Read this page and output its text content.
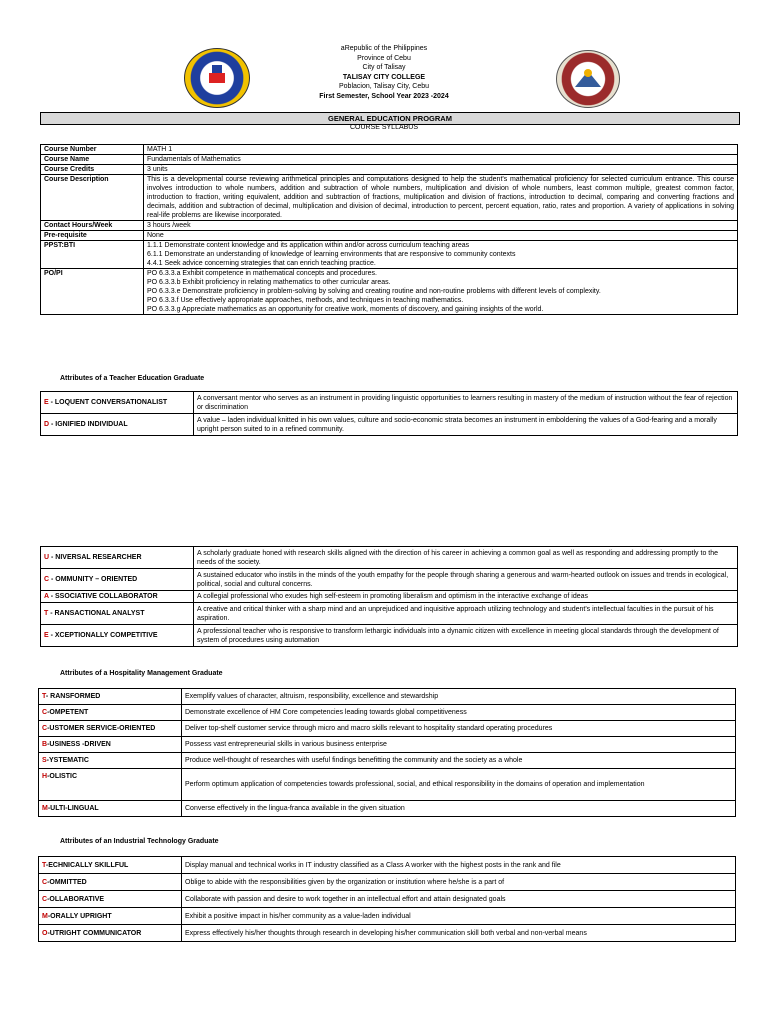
aRepublic of the Philippines
Province of Cebu
City of Talisay
TALISAY CITY COLLEGE
Poblacion, Talisay City, Cebu
First Semester, School Year 2023 -2024
GENERAL EDUCATION PROGRAM
COURSE SYLLABUS
Course Number	MATH 1
Course Name	Fundamentals of Mathematics
Course Credits	3 units
Course Description	This is a developmental course reviewing arithmetical principles and computations designed to help the student's mathematical proficiency for selected curriculum entrance. This course involves introduction to whole numbers, addition and subtraction of whole numbers, multiplication and division of whole numbers, least common multiple, greatest common factor, introduction to fraction, writing equivalent, addition and subtraction of fractions, multiplication and division of fractions, introduction to decimal, comparing and converting fractions and decimals, addition and subtraction of decimal, multiplication and division of decimal, introduction to percent, percent equation, ratio, rates and proportion. A variety of applications in solving real-life problems are likewise incorporated.
Contact Hours/Week	3 hours /week
Pre-requisite	None
PPST:BTI	1.1.1 Demonstrate content knowledge and its application within and/or across curriculum teaching areas
6.1.1 Demonstrate an understanding of knowledge of learning environments that are responsive to community contexts
4.4.1 Seek advice concerning strategies that can enrich teaching practice.

PO/PI	PO 6.3.3.a Exhibit competence in mathematical concepts and procedures.
PO 6.3.3.b Exhibit proficiency in relating mathematics to other curricular areas.
PO 6.3.3.e Demonstrate proficiency in problem-solving by solving and creating routine and non-routine problems with different levels of complexity.
PO 6.3.3.f Use effectively appropriate approaches, methods, and techniques in teaching mathematics.
PO 6.3.3.g Appreciate mathematics as an opportunity for creative work, moments of discovery, and gaining insights of the world.
Attributes of a Teacher Education Graduate
E - LOQUENT CONVERSATIONALIST	A conversant mentor who serves as an instrument in providing linguistic opportunities to learners resulting in mastery of the medium of instruction without the fear of rejection or discrimination
D - IGNIFIED INDIVIDUAL	A value – laden individual knitted in his own values, culture and socio-economic strata becomes an instrument in emboldening the values of a God-fearing and a morally upright person suited to in a refined community.
U - NIVERSAL RESEARCHER	A scholarly graduate honed with research skills aligned with the direction of his career in achieving a common goal as well as responding and addressing promptly to the needs of the society.
C - OMMUNITY – ORIENTED	A sustained educator who instils in the minds of the youth empathy for the people through sharing a generous and warm-hearted outlook on issues and trends in ecological, political, social and cultural concerns.
A - SSOCIATIVE COLLABORATOR	A collegial professional who exudes high self-esteem in promoting liberalism and optimism in the interactive exchange of ideas
T - RANSACTIONAL ANALYST	A creative and critical thinker with a sharp mind and an unprejudiced and inquisitive approach utilizing technology and student's intellectual faculties in the pursuit of his aspiration.
E - XCEPTIONALLY COMPETITIVE	A professional teacher who is responsive to transform lethargic individuals into a dynamic citizen with excellence in meeting glocal standards through the development of system of procedures using automation
Attributes of a Hospitality Management Graduate
T- RANSFORMED	Exemplify values of character, altruism, responsibility, excellence and stewardship
C-OMPETENT	Demonstrate excellence of HM Core competencies leading towards global competitiveness
C-USTOMER SERVICE-ORIENTED	Deliver top-shelf customer service through micro and macro skills relevant to hospitality standard operating procedures
B-USINESS -DRIVEN	Possess vast entrepreneurial skills in various business enterprise
S-YSTEMATIC	Produce well-thought of researches with useful findings benefitting the community and the society as a whole
H-OLISTIC	Perform optimum application of competencies towards professional, social, and ethical responsibility in the domains of operation and implementation
M-ULTI-LINGUAL	Converse effectively in the lingua-franca available in the given situation
Attributes of an Industrial Technology Graduate
T-ECHNICALLY SKILLFUL	Display manual and technical works in IT industry classified as a Class A worker with the highest posts in the rank and file
C-OMMITTED	Oblige to abide with the responsibilities given by the organization or institution where he/she is a part of
C-OLLABORATIVE	Collaborate with passion and desire to work together in an intellectual effort and attain designated goals
M-ORALLY UPRIGHT	Exhibit a positive impact in his/her community as a value-laden individual
O-UTRIGHT COMMUNICATOR	Express effectively his/her thoughts through research in developing his/her communication skill both verbal and non-verbal means
